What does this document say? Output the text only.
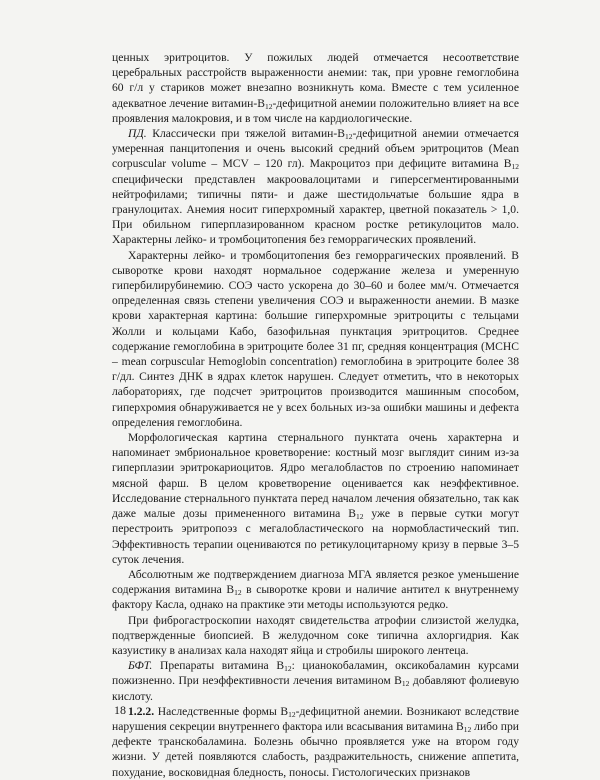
ценных эритроцитов. У пожилых людей отмечается несоответствие церебральных расстройств выраженности анемии: так, при уровне гемоглобина 60 г/л у стариков может внезапно возникнуть кома. Вместе с тем усиленное адекватное лечение витамин-$B_{12}$-дефицитной анемии положительно влияет на все проявления малокровия, и в том числе на кардиологические.

ПД. Классически при тяжелой витамин-$B_{12}$-дефицитной анемии отмечается умеренная панцитопения и очень высокий средний объем эритроцитов (Mean corpuscular volume – MCV – 120 гл). Макроцитоз при дефиците витамина $B_{12}$ специфически представлен макроовалоцитами и гиперсегментированными нейтрофилами; типичны пяти- и даже шестидольчатые большие ядра в гранулоцитах. Анемия носит гиперхромный характер, цветной показатель > 1,0. При обильном гиперплазированном красном ростке ретикулоцитов мало. Характерны лейко- и тромбоцитопения без геморрагических проявлений.

Характерны лейко- и тромбоцитопения без геморрагических проявлений. В сыворотке крови находят нормальное содержание железа и умеренную гипербилирубинемию. СОЭ часто ускорена до 30–60 и более мм/ч. Отмечается определенная связь степени увеличения СОЭ и выраженности анемии. В мазке крови характерная картина: большие гиперхромные эритроциты с тельцами Жолли и кольцами Кабо, базофильная пунктация эритроцитов. Среднее содержание гемоглобина в эритроците более 31 пг, средняя концентрация (MCHC – mean corpuscular Hemoglobin concentration) гемоглобина в эритроците более 38 г/дл. Синтез ДНК в ядрах клеток нарушен. Следует отметить, что в некоторых лабораториях, где подсчет эритроцитов производится машинным способом, гиперхромия обнаруживается не у всех больных из-за ошибки машины и дефекта определения гемоглобина.

Морфологическая картина стернального пунктата очень характерна и напоминает эмбриональное кроветворение: костный мозг выглядит синим из-за гиперплазии эритрокариоцитов. Ядро мегалобластов по строению напоминает мясной фарш. В целом кроветворение оценивается как неэффективное. Исследование стернального пунктата перед началом лечения обязательно, так как даже малые дозы примененного витамина $B_{12}$ уже в первые сутки могут перестроить эритропоэз с мегалобластического на нормобластический тип. Эффективность терапии оцениваются по ретикулоцитарному кризу в первые 3–5 суток лечения.

Абсолютным же подтверждением диагноза МГА является резкое уменьшение содержания витамина $B_{12}$ в сыворотке крови и наличие антител к внутреннему фактору Касла, однако на практике эти методы используются редко.

При фиброгастроскопии находят свидетельства атрофии слизистой желудка, подтвержденные биопсией. В желудочном соке типична ахлоргидрия. Как казуистику в анализах кала находят яйца и стробилы широкого лентеца.

БФТ. Препараты витамина $B_{12}$: цианокобаламин, оксикобаламин курсами пожизненно. При неэффективности лечения витамином $B_{12}$ добавляют фолиевую кислоту.

1.2.2. Наследственные формы $B_{12}$-дефицитной анемии. Возникают вследствие нарушения секреции внутреннего фактора или всасывания витамина $B_{12}$ либо при дефекте транскобаламина. Болезнь обычно проявляется уже на втором году жизни. У детей появляются слабость, раздражительность, снижение аппетита, похудание, восковидная бледность, поносы. Гистологических признаков

18
